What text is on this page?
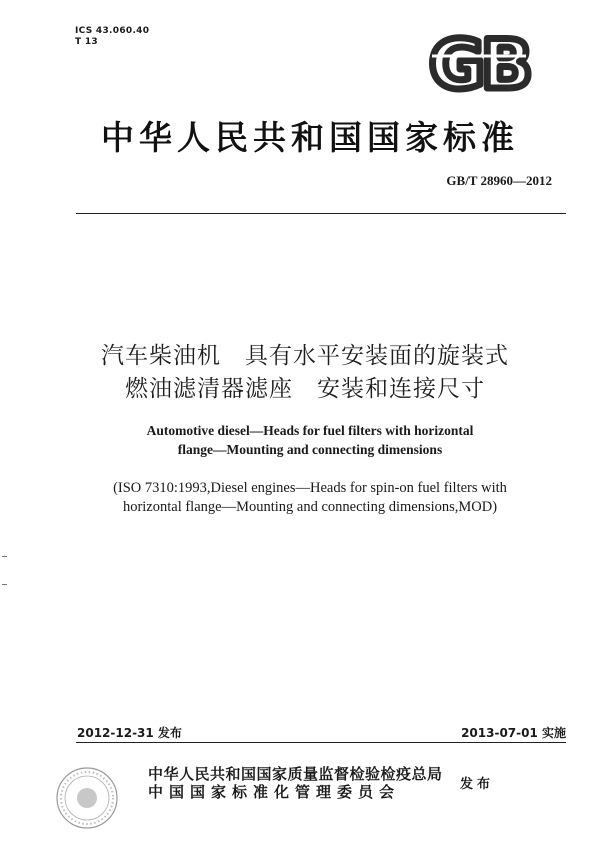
ICS 43.060.40
T 13	GB
中华人民共和国国家标准
GB/T 28960—2012
汽车柴油机　具有水平安装面的旋装式
燃油滤清器滤座　安装和连接尺寸
Automotive diesel—Heads for fuel filters with horizontal
flange—Mounting and connecting dimensions
(ISO 7310:1993,Diesel engines—Heads for spin-on fuel filters with
horizontal flange—Mounting and connecting dimensions,MOD)
2012-12-31 发布	2013-07-01 实施
中华人民共和国国家质量监督检验检疫总局
中国国家标准化管理委员会	发布
